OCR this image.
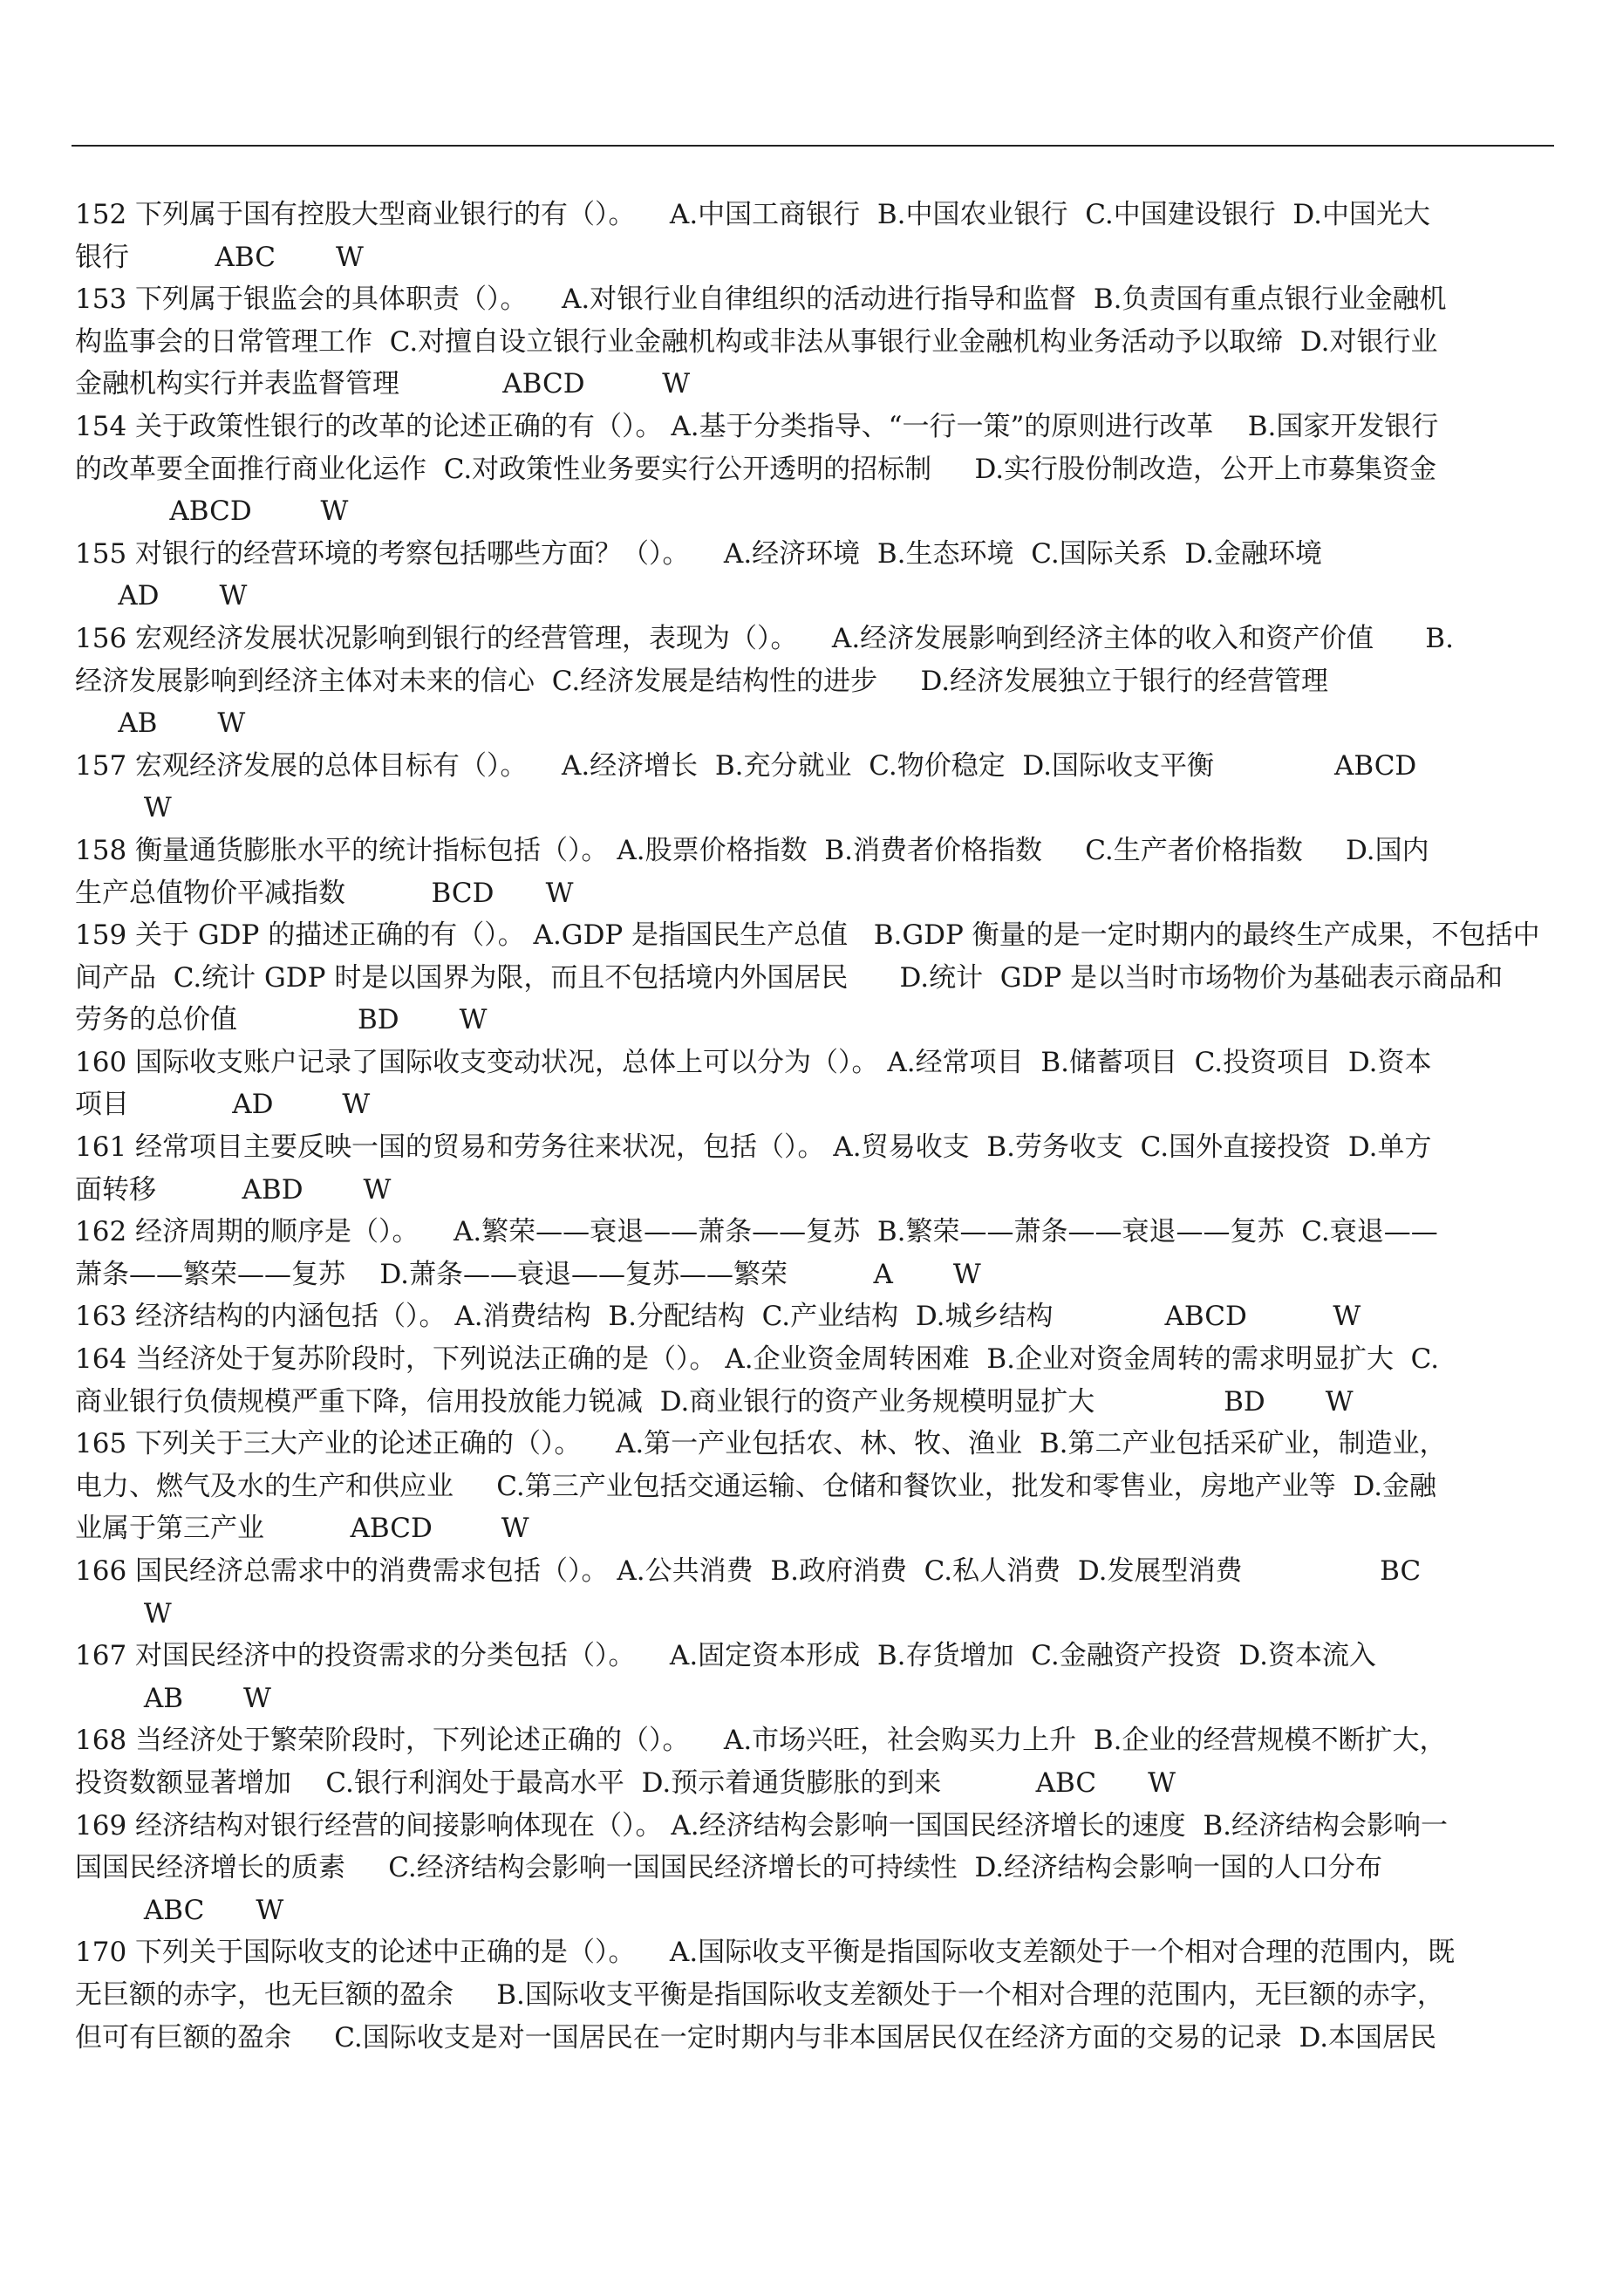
152 下列属于国有控股大型商业银行的有（）。    A.中国工商银行  B.中国农业银行  C.中国建设银行  D.中国光大
银行          ABC       W
153 下列属于银监会的具体职责（）。    A.对银行业自律组织的活动进行指导和监督  B.负责国有重点银行业金融机
构监事会的日常管理工作  C.对擅自设立银行业金融机构或非法从事银行业金融机构业务活动予以取缔  D.对银行业
金融机构实行并表监督管理            ABCD         W
154 关于政策性银行的改革的论述正确的有（）。 A.基于分类指导、“一行一策”的原则进行改革    B.国家开发银行
的改革要全面推行商业化运作  C.对政策性业务要实行公开透明的招标制     D.实行股份制改造，公开上市募集资金
ABCD        W
155 对银行的经营环境的考察包括哪些方面？（）。    A.经济环境  B.生态环境  C.国际关系  D.金融环境
AD       W
156 宏观经济发展状况影响到银行的经营管理，表现为（）。    A.经济发展影响到经济主体的收入和资产价值      B.
经济发展影响到经济主体对未来的信心  C.经济发展是结构性的进步     D.经济发展独立于银行的经营管理
AB       W
157 宏观经济发展的总体目标有（）。    A.经济增长  B.充分就业  C.物价稳定  D.国际收支平衡              ABCD
W
158 衡量通货膨胀水平的统计指标包括（）。 A.股票价格指数  B.消费者价格指数     C.生产者价格指数     D.国内
生产总值物价平减指数          BCD      W
159 关于 GDP 的描述正确的有（）。 A.GDP 是指国民生产总值   B.GDP 衡量的是一定时期内的最终生产成果，不包括中
间产品  C.统计 GDP 时是以国界为限，而且不包括境内外国居民      D.统计  GDP 是以当时市场物价为基础表示商品和
劳务的总价值              BD       W
160 国际收支账户记录了国际收支变动状况，总体上可以分为（）。 A.经常项目  B.储蓄项目  C.投资项目  D.资本
项目            AD        W
161 经常项目主要反映一国的贸易和劳务往来状况，包括（）。 A.贸易收支  B.劳务收支  C.国外直接投资  D.单方
面转移          ABD       W
162 经济周期的顺序是（）。    A.繁荣——衰退——萧条——复苏  B.繁荣——萧条——衰退——复苏  C.衰退——
萧条——繁荣——复苏    D.萧条——衰退——复苏——繁荣          A       W
163 经济结构的内涵包括（）。 A.消费结构  B.分配结构  C.产业结构  D.城乡结构             ABCD          W
164 当经济处于复苏阶段时，下列说法正确的是（）。 A.企业资金周转困难  B.企业对资金周转的需求明显扩大  C.
商业银行负债规模严重下降，信用投放能力锐减  D.商业银行的资产业务规模明显扩大               BD       W
165 下列关于三大产业的论述正确的（）。    A.第一产业包括农、林、牧、渔业  B.第二产业包括采矿业，制造业，
电力、燃气及水的生产和供应业     C.第三产业包括交通运输、仓储和餐饮业，批发和零售业，房地产业等  D.金融
业属于第三产业          ABCD        W
166 国民经济总需求中的消费需求包括（）。 A.公共消费  B.政府消费  C.私人消费  D.发展型消费                BC
W
167 对国民经济中的投资需求的分类包括（）。    A.固定资本形成  B.存货增加  C.金融资产投资  D.资本流入
AB       W
168 当经济处于繁荣阶段时，下列论述正确的（）。    A.市场兴旺，社会购买力上升  B.企业的经营规模不断扩大，
投资数额显著增加    C.银行利润处于最高水平  D.预示着通货膨胀的到来           ABC      W
169 经济结构对银行经营的间接影响体现在（）。 A.经济结构会影响一国国民经济增长的速度  B.经济结构会影响一
国国民经济增长的质素     C.经济结构会影响一国国民经济增长的可持续性  D.经济结构会影响一国的人口分布
ABC      W
170 下列关于国际收支的论述中正确的是（）。    A.国际收支平衡是指国际收支差额处于一个相对合理的范围内，既
无巨额的赤字，也无巨额的盈余     B.国际收支平衡是指国际收支差额处于一个相对合理的范围内，无巨额的赤字，
但可有巨额的盈余     C.国际收支是对一国居民在一定时期内与非本国居民仅在经济方面的交易的记录  D.本国居民
